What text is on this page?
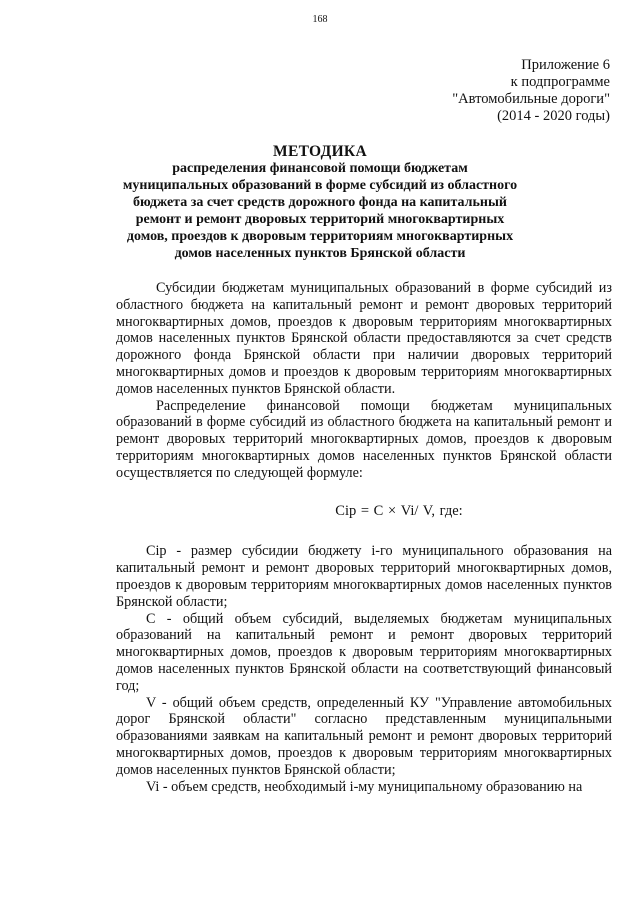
168
Приложение 6
к подпрограмме
"Автомобильные дороги"
(2014 - 2020 годы)
МЕТОДИКА
распределения финансовой помощи бюджетам
муниципальных образований в форме субсидий из областного
бюджета за счет средств дорожного фонда на капитальный
ремонт и ремонт дворовых территорий многоквартирных
домов, проездов к дворовым территориям многоквартирных
домов населенных пунктов Брянской области

Субсидии бюджетам муниципальных образований в форме субсидий из областного бюджета на капитальный ремонт и ремонт дворовых территорий многоквартирных домов, проездов к дворовым территориям многоквартирных домов населенных пунктов Брянской области предоставляются за счет средств дорожного фонда Брянской области при наличии дворовых территорий многоквартирных домов и проездов к дворовым территориям многоквартирных домов населенных пунктов Брянской области.

Распределение финансовой помощи бюджетам муниципальных образований в форме субсидий из областного бюджета на капитальный ремонт и ремонт дворовых территорий многоквартирных домов, проездов к дворовым территориям многоквартирных домов населенных пунктов Брянской области осуществляется по следующей формуле:

Ciр = С × Vi/ V, где:

Ciр - размер субсидии бюджету i-го муниципального образования на капитальный ремонт и ремонт дворовых территорий многоквартирных домов, проездов к дворовым территориям многоквартирных домов населенных пунктов Брянской области;

С - общий объем субсидий, выделяемых бюджетам муниципальных образований на капитальный ремонт и ремонт дворовых территорий многоквартирных домов, проездов к дворовым территориям многоквартирных домов населенных пунктов Брянской области на соответствующий финансовый год;

V - общий объем средств, определенный КУ "Управление автомобильных дорог Брянской области" согласно представленным муниципальными образованиями заявкам на капитальный ремонт и ремонт дворовых территорий многоквартирных домов, проездов к дворовым территориям многоквартирных домов населенных пунктов Брянской области;

Vi - объем средств, необходимый i-му муниципальному образованию на
